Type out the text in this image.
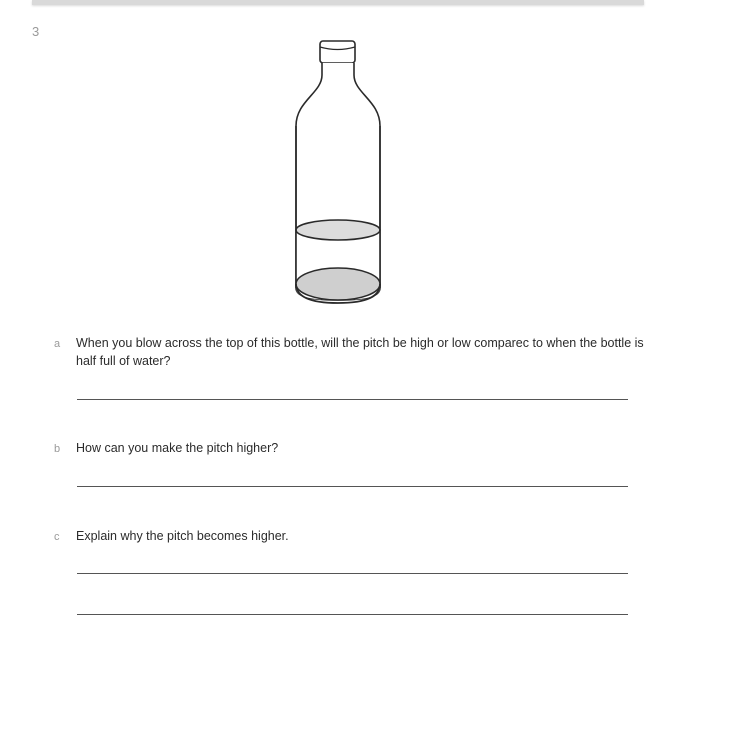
3
a When you blow across the top of this bottle, will the pitch be high or low comparec to when the bottle is half full of water?
b How can you make the pitch higher?
c Explain why the pitch becomes higher.
